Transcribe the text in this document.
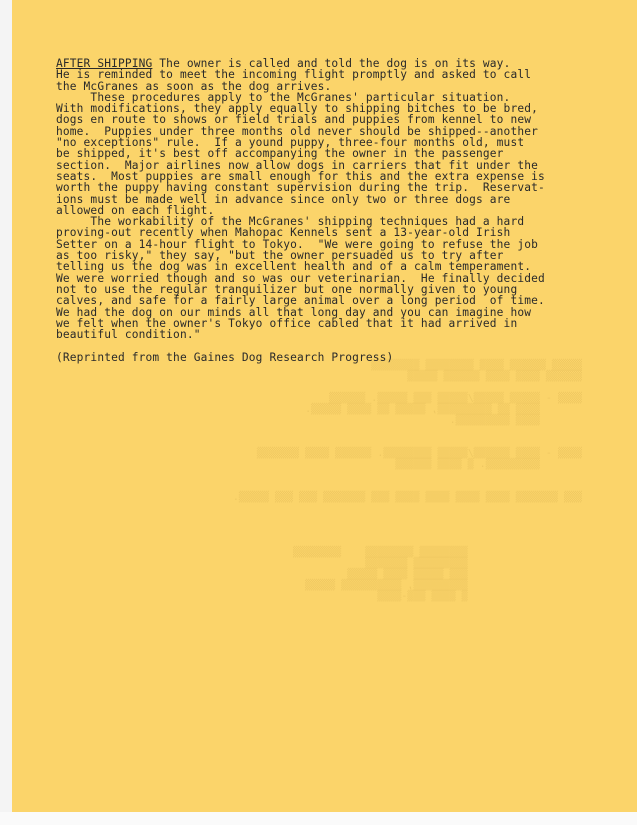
▒▒▒▒▒ ▒▒▒▒▒▒ ▒▒▒▒ ▒▒▒▒▒▒▒▒ ▒▒▒▒▒▒▒▒
▒▒▒▒▒▒ ▒▒▒▒ ▒▒▒▒ ▒▒▒▒▒▒ ▒▒▒▒▒

▒▒▒▒ - ▒▒▒▒▒ ▒▒▒▒▒/▒▒▒▒▒ ▒▒▒ ▒▒▒▒▒. ▒▒▒▒▒▒
▒▒▒▒ ▒▒ ▒▒▒▒▒▒▒▒▒, ▒▒▒▒▒ ▒▒ ▒▒▒▒ ▒▒▒▒▒.
▒▒▒▒ ▒▒▒▒▒▒▒▒▒.

▒▒▒▒ - ▒▒▒▒ ▒▒▒▒▒▒/▒▒▒▒▒ ▒▒▒▒▒▒▒▒. ▒▒▒▒▒▒ ▒▒▒▒ ▒▒▒▒▒▒▒
▒▒▒▒▒▒▒▒▒. ▒ ▒▒▒▒ ▒▒▒▒▒▒

▒▒▒ ▒▒▒▒▒▒▒ ▒▒▒▒ ▒▒▒▒ ▒▒▒▒ ▒▒▒▒ ▒▒▒ ▒▒▒▒▒▒▒ ▒▒▒ ▒▒▒ ▒▒▒▒▒.

▒▒▒▒▒▒▒▒ ▒▒▒▒▒▒▒▒    ▒▒▒▒▒▒▒▒
▒▒▒▒▒▒▒▒▒ ▒▒▒▒▒▒▒
▒▒▒ ▒▒▒▒▒ ▒▒▒▒ ▒▒▒▒▒
▒▒▒▒▒▒▒▒▒, ▒▒▒▒▒▒▒▒▒▒ ▒▒▒▒▒
▒ ▒▒▒▒ ▒▒▒-▒▒▒▒
AFTER SHIPPING The owner is called and told the dog is on its way.
He is reminded to meet the incoming flight promptly and asked to call
the McGranes as soon as the dog arrives.
These procedures apply to the McGranes' particular situation.
With modifications, they apply equally to shipping bitches to be bred,
dogs en route to shows or field trials and puppies from kennel to new
home.  Puppies under three months old never should be shipped--another
"no exceptions" rule.  If a yound puppy, three-four months old, must
be shipped, it's best off accompanying the owner in the passenger
section.  Major airlines now allow dogs in carriers that fit under the
seats.  Most puppies are small enough for this and the extra expense is
worth the puppy having constant supervision during the trip.  Reservat-
ions must be made well in advance since only two or three dogs are
allowed on each flight.
The workability of the McGranes' shipping techniques had a hard
proving-out recently when Mahopac Kennels sent a 13-year-old Irish
Setter on a 14-hour flight to Tokyo.  "We were going to refuse the job
as too risky," they say, "but the owner persuaded us to try after
telling us the dog was in excellent health and of a calm temperament.
We were worried though and so was our veterinarian.  He finally decided
not to use the regular tranquilizer but one normally given to young
calves, and safe for a fairly large animal over a long period  of time.
We had the dog on our minds all that long day and you can imagine how
we felt when the owner's Tokyo office cabled that it had arrived in
beautiful condition."
(Reprinted from the Gaines Dog Research Progress)
